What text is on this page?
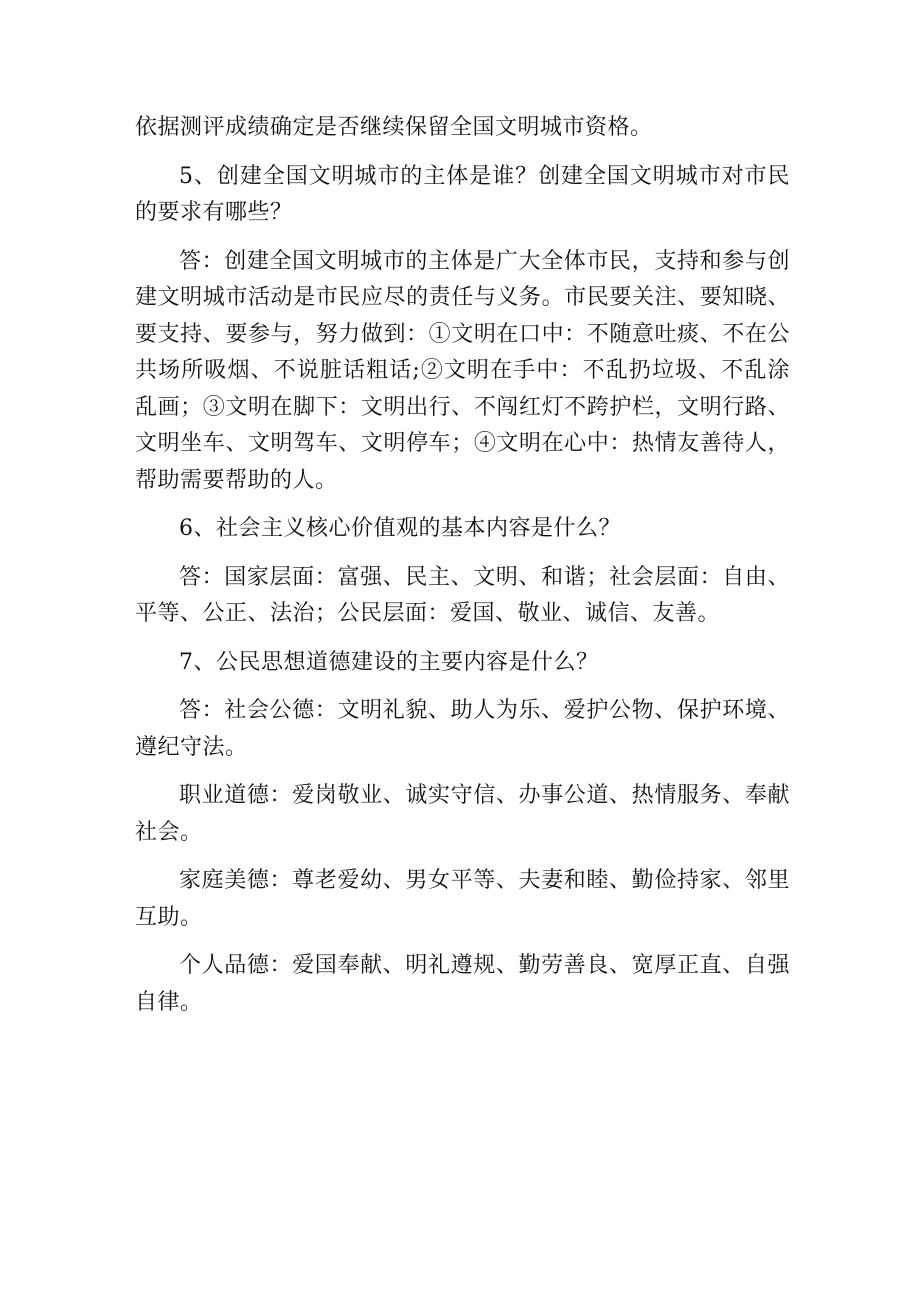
依据测评成绩确定是否继续保留全国文明城市资格。

5、创建全国文明城市的主体是谁？创建全国文明城市对市民的要求有哪些？

答：创建全国文明城市的主体是广大全体市民，支持和参与创建文明城市活动是市民应尽的责任与义务。市民要关注、要知晓、要支持、要参与，努力做到：①文明在口中：不随意吐痰、不在公共场所吸烟、不说脏话粗话;②文明在手中：不乱扔垃圾、不乱涂乱画；③文明在脚下：文明出行、不闯红灯不跨护栏，文明行路、文明坐车、文明驾车、文明停车；④文明在心中：热情友善待人，帮助需要帮助的人。

6、社会主义核心价值观的基本内容是什么？

答：国家层面：富强、民主、文明、和谐；社会层面：自由、平等、公正、法治；公民层面：爱国、敬业、诚信、友善。

7、公民思想道德建设的主要内容是什么？

答：社会公德：文明礼貌、助人为乐、爱护公物、保护环境、遵纪守法。

职业道德：爱岗敬业、诚实守信、办事公道、热情服务、奉献社会。

家庭美德：尊老爱幼、男女平等、夫妻和睦、勤俭持家、邻里互助。

个人品德：爱国奉献、明礼遵规、勤劳善良、宽厚正直、自强自律。
